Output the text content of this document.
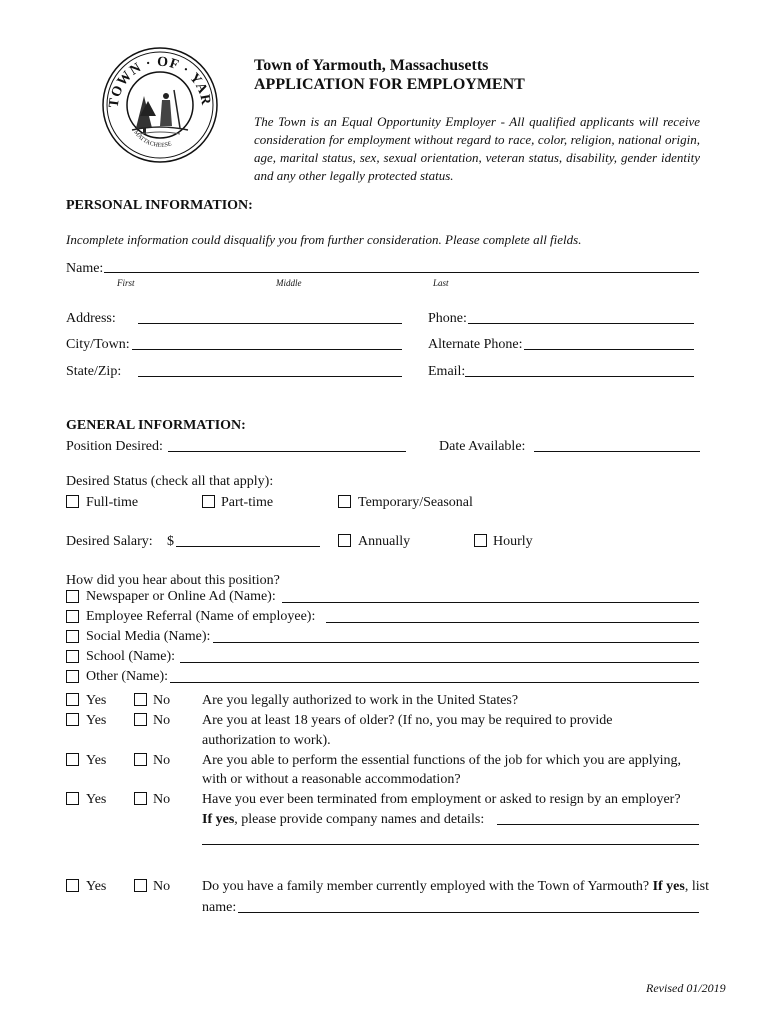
TOWN · OF · YAR
MATTACHEESE
Town of Yarmouth, Massachusetts
APPLICATION FOR EMPLOYMENT
The Town is an Equal Opportunity Employer - All qualified applicants will receive consideration for employment without regard to race, color, religion, national origin, age, marital status, sex, sexual orientation, veteran status, disability, gender identity and any other legally protected status.
PERSONAL INFORMATION:
Incomplete information could disqualify you from further consideration. Please complete all fields.
Name:
First	Middle	Last
Address:
City/Town:
State/Zip:
Phone:
Alternate Phone:
Email:
GENERAL INFORMATION:
Position Desired:	Date Available:
Desired Status (check all that apply):
Full-time	Part-time	Temporary/Seasonal
Desired Salary: $	Annually	Hourly
How did you hear about this position?
Newspaper or Online Ad (Name):
Employee Referral (Name of employee):
Social Media (Name):
School (Name):
Other (Name):
Yes	No Are you legally authorized to work in the United States?
Yes	No Are you at least 18 years of older? (If no, you may be required to provide
authorization to work).
Yes	No Are you able to perform the essential functions of the job for which you are applying,
with or without a reasonable accommodation?
Yes	No Have you ever been terminated from employment or asked to resign by an employer?
If yes, please provide company names and details:
Yes	No Do you have a family member currently employed with the Town of Yarmouth? If yes, list
name:
Revised 01/2019
